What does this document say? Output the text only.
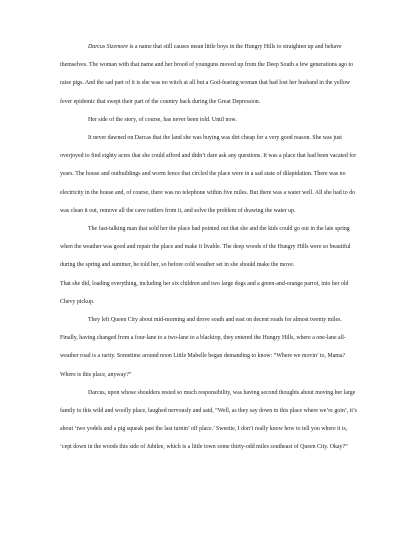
Darcus Sizemore is a name that still causes mean little boys in the Hungry Hills to straighten up and behave themselves. The woman with that name and her brood of younguns moved up from the Deep South a few generations ago to raise pigs. And the sad part of it is she was no witch at all but a God-fearing woman that had lost her husband in the yellow fever epidemic that swept their part of the country back during the Great Depression.

Her side of the story, of course, has never been told. Until now.

It never dawned on Darcas that the land she was buying was dirt cheap for a very good reason. She was just overjoyed to find eighty acres that she could afford and didn’t dare ask any questions. It was a place that had been vacated for years. The house and outbuildings and worm fence that circled the place were in a sad state of dilapidation. There was no electricity in the house and, of course, there was no telephone within five miles. But there was a water well. All she had to do was clean it out, remove all the cave rattlers from it, and solve the problem of drawing the water up.

The fast-talking man that sold her the place had pointed out that she and the kids could go out in the late spring when the weather was good and repair the place and make it livable. The deep woods of the Hungry Hills were so beautiful during the spring and summer, he told her, so before cold weather set in she should make the move.

That she did, loading everything, including her six children and two large dogs and a green-and-orange parrot, into her old Chevy pickup.

They left Queen City about mid-morning and drove south and east on decent roads for almost twenty miles. Finally, having changed from a four-lane to a two-lane to a blacktop, they entered the Hungry Hills, where a one-lane all-weather road is a rarity. Sometime around noon Little Mabelle began demanding to know: “Where we movin’ to, Mama? Where is this place, anyway?”

Darcus, upon whose shoulders rested so much responsibility, was having second thoughts about moving her large family to this wild and woolly place, laughed nervously and said, “Well, as they say down in this place where we’re goin’, it’s about ‘two yodels and a pig squeak past the last turnin’ off place.’ Sweetie, I don’t really know how to tell you where it is, ‘cept down in the woods this side of Jubilee, which is a little town some thirty-odd miles southeast of Queen City. Okay?”
